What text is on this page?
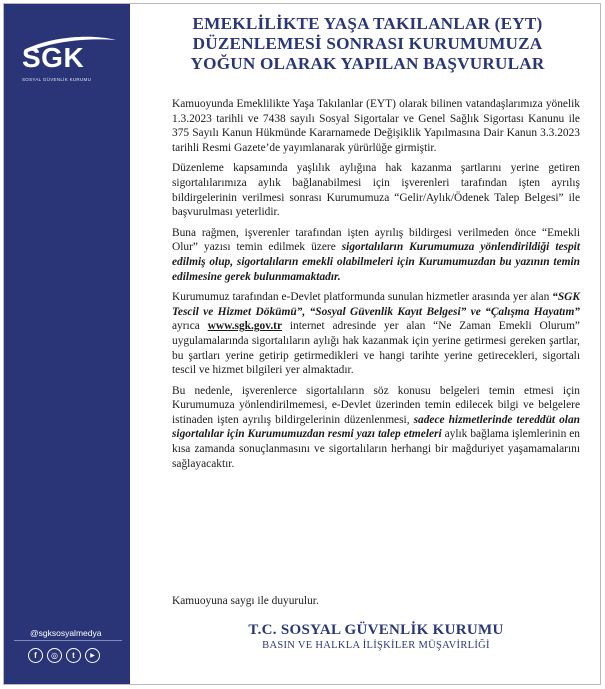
SGK
SOSYAL GÜVENLİK KURUMU
@sgksosyalmedya
f	◎	t	▶
EMEKLİLİKTE YAŞA TAKILANLAR (EYT)
DÜZENLEMESİ SONRASI KURUMUMUZA
YOĞUN OLARAK YAPILAN BAŞVURULAR

Kamuoyunda Emeklilikte Yaşa Takılanlar (EYT) olarak bilinen vatandaşlarımıza yönelik 1.3.2023 tarihli ve 7438 sayılı Sosyal Sigortalar ve Genel Sağlık Sigortası Kanunu ile 375 Sayılı Kanun Hükmünde Kararnamede Değişiklik Yapılmasına Dair Kanun 3.3.2023 tarihli Resmi Gazete’de yayımlanarak yürürlüğe girmiştir.

Düzenleme kapsamında yaşlılık aylığına hak kazanma şartlarını yerine getiren sigortalılarımıza aylık bağlanabilmesi için işverenleri tarafından işten ayrılış bildirgelerinin verilmesi sonrası Kurumumuza “Gelir/Aylık/Ödenek Talep Belgesi” ile başvurulması yeterlidir.

Buna rağmen, işverenler tarafından işten ayrılış bildirgesi verilmeden önce “Emekli Olur” yazısı temin edilmek üzere sigortalıların Kurumumuza yönlendirildiği tespit edilmiş olup, sigortalıların emekli olabilmeleri için Kurumumuzdan bu yazının temin edilmesine gerek bulunmamaktadır.

Kurumumuz tarafından e-Devlet platformunda sunulan hizmetler arasında yer alan “SGK Tescil ve Hizmet Dökümü”, “Sosyal Güvenlik Kayıt Belgesi” ve “Çalışma Hayatım” ayrıca www.sgk.gov.tr internet adresinde yer alan “Ne Zaman Emekli Olurum” uygulamalarında sigortalıların aylığı hak kazanmak için yerine getirmesi gereken şartlar, bu şartları yerine getirip getirmedikleri ve hangi tarihte yerine getirecekleri, sigortalı tescil ve hizmet bilgileri yer almaktadır.

Bu nedenle, işverenlerce sigortalıların söz konusu belgeleri temin etmesi için Kurumumuza yönlendirilmemesi, e-Devlet üzerinden temin edilecek bilgi ve belgelere istinaden işten ayrılış bildirgelerinin düzenlenmesi, sadece hizmetlerinde tereddüt olan sigortalılar için Kurumumuzdan resmi yazı talep etmeleri aylık bağlama işlemlerinin en kısa zamanda sonuçlanmasını ve sigortalıların herhangi bir mağduriyet yaşamamalarını sağlayacaktır.

Kamuoyuna saygı ile duyurulur.
T.C. SOSYAL GÜVENLİK KURUMU
BASIN VE HALKLA İLİŞKİLER MÜŞAVİRLİĞİ
